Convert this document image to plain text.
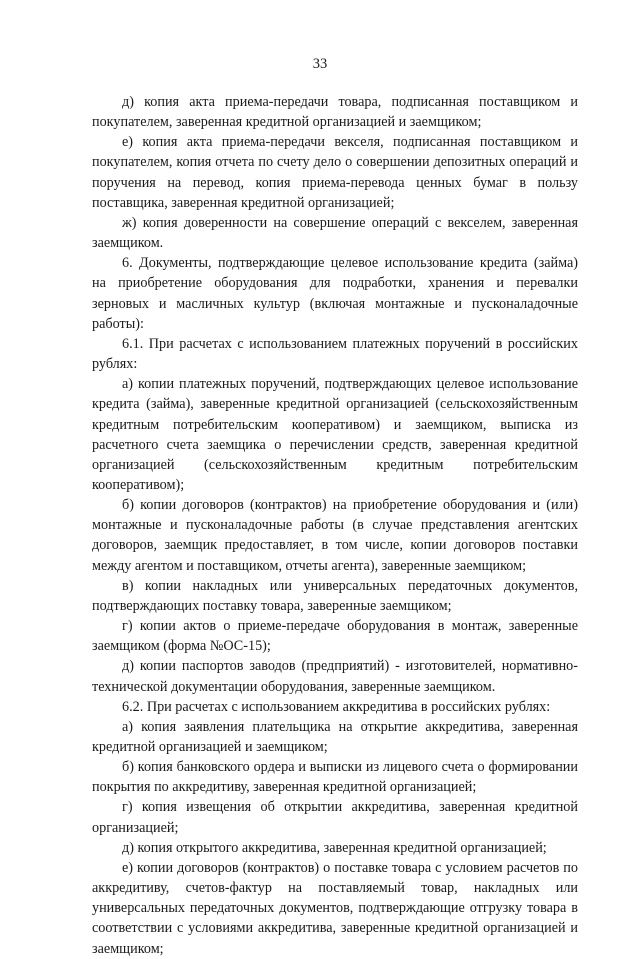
33

д) копия акта приема-передачи товара, подписанная поставщиком и покупателем, заверенная кредитной организацией и заемщиком;

е) копия акта приема-передачи векселя, подписанная поставщиком и покупателем, копия отчета по счету дело о совершении депозитных операций и поручения на перевод, копия приема-перевода ценных бумаг в пользу поставщика, заверенная кредитной организацией;

ж) копия доверенности на совершение операций с векселем, заверенная заемщиком.

6. Документы, подтверждающие целевое использование кредита (займа) на приобретение оборудования для подработки, хранения и перевалки зерновых и масличных культур (включая монтажные и пусконаладочные работы):

6.1. При расчетах с использованием платежных поручений в российских рублях:

а) копии платежных поручений, подтверждающих целевое использование кредита (займа), заверенные кредитной организацией (сельскохозяйственным кредитным потребительским кооперативом) и заемщиком, выписка из расчетного счета заемщика о перечислении средств, заверенная кредитной организацией (сельскохозяйственным кредитным потребительским кооперативом);

б) копии договоров (контрактов) на приобретение оборудования и (или) монтажные и пусконаладочные работы (в случае представления агентских договоров, заемщик предоставляет, в том числе, копии договоров поставки между агентом и поставщиком, отчеты агента), заверенные заемщиком;

в) копии накладных или универсальных передаточных документов, подтверждающих поставку товара, заверенные заемщиком;

г) копии актов о приеме-передаче оборудования в монтаж, заверенные заемщиком (форма №ОС-15);

д) копии паспортов заводов (предприятий) - изготовителей, нормативно-технической документации оборудования, заверенные заемщиком.

6.2. При расчетах с использованием аккредитива в российских рублях:

а) копия заявления плательщика на открытие аккредитива, заверенная кредитной организацией и заемщиком;

б) копия банковского ордера и выписки из лицевого счета о формировании покрытия по аккредитиву, заверенная кредитной организацией;

г) копия извещения об открытии аккредитива, заверенная кредитной организацией;

д) копия открытого аккредитива, заверенная кредитной организацией;

е) копии договоров (контрактов) о поставке товара с условием расчетов по аккредитиву, счетов-фактур на поставляемый товар, накладных или универсальных передаточных документов, подтверждающие отгрузку товара в соответствии с условиями аккредитива, заверенные кредитной организацией и заемщиком;
